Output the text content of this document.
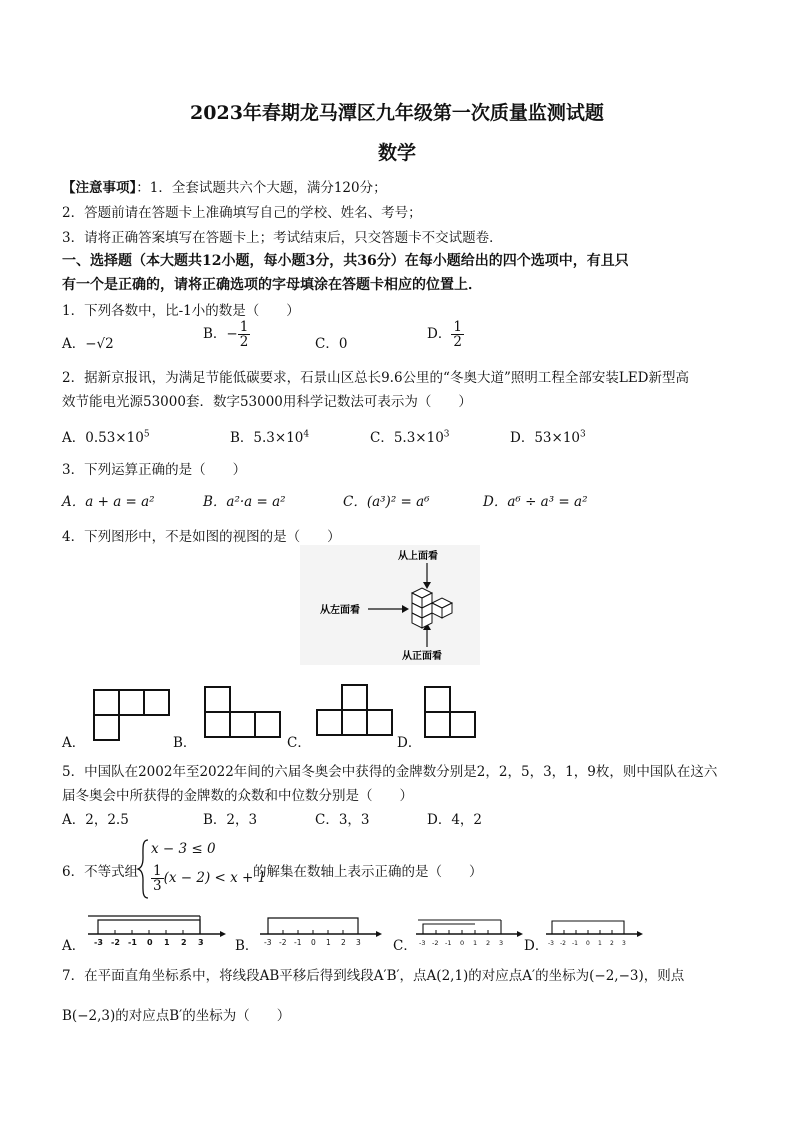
2023年春期龙马潭区九年级第一次质量监测试题
数学
【注意事项】：1．全套试题共六个大题，满分120分；
2．答题前请在答题卡上准确填写自己的学校、姓名、考号；
3．请将正确答案填写在答题卡上；考试结束后，只交答题卡不交试题卷．
一、选择题（本大题共12小题，每小题3分，共36分）在每小题给出的四个选项中，有且只
有一个是正确的，请将正确选项的字母填涂在答题卡相应的位置上．
1．下列各数中，比-1小的数是（　　）
A．−√2
B．− $\frac{1}{2}$	C．0
D． $\frac{1}{2}$
2．据新京报讯，为满足节能低碳要求，石景山区总长9.6公里的“冬奥大道”照明工程全部安装LED新型高
效节能电光源53000套．数字53000用科学记数法可表示为（　　）
A．$0.53\times 10^5$	B．$5.3\times 10^4$	C．$5.3\times 10^3$	D．$53\times 10^3$
3．下列运算正确的是（　　）
A．a + a = a²	B．a²·a = a²	C．(a³)² = a⁶	D．a⁶ ÷ a³ = a²
4．下列图形中，不是如图的视图的是（　　）
从上面看
从左面看
从正面看
A．	B．	C．	D．
5．中国队在2002年至2022年间的六届冬奥会中获得的金牌数分别是2，2，5，3，1，9枚，则中国队在这六
届冬奥会中所获得的金牌数的众数和中位数分别是（　　）
A．2，2.5	B．2，3	C．3，3	D．4，2
6．不等式组
x − 3 ≤ 0
$\frac{1}{3} (x - 2) < x + 1$
的解集在数轴上表示正确的是（　　）
-3 -2 -1 0 1 2 3
A．	-3 -2 -1 0 1 2 3
B．	-3 -2 -1 0 1 2 3
C．	-3 -2 -1 0 1 2 3
D．
7．在平面直角坐标系中，将线段AB平移后得到线段A′B′，点A(2,1)的对应点A′的坐标为(−2,−3)，则点
B(−2,3)的对应点B′的坐标为（　　）
